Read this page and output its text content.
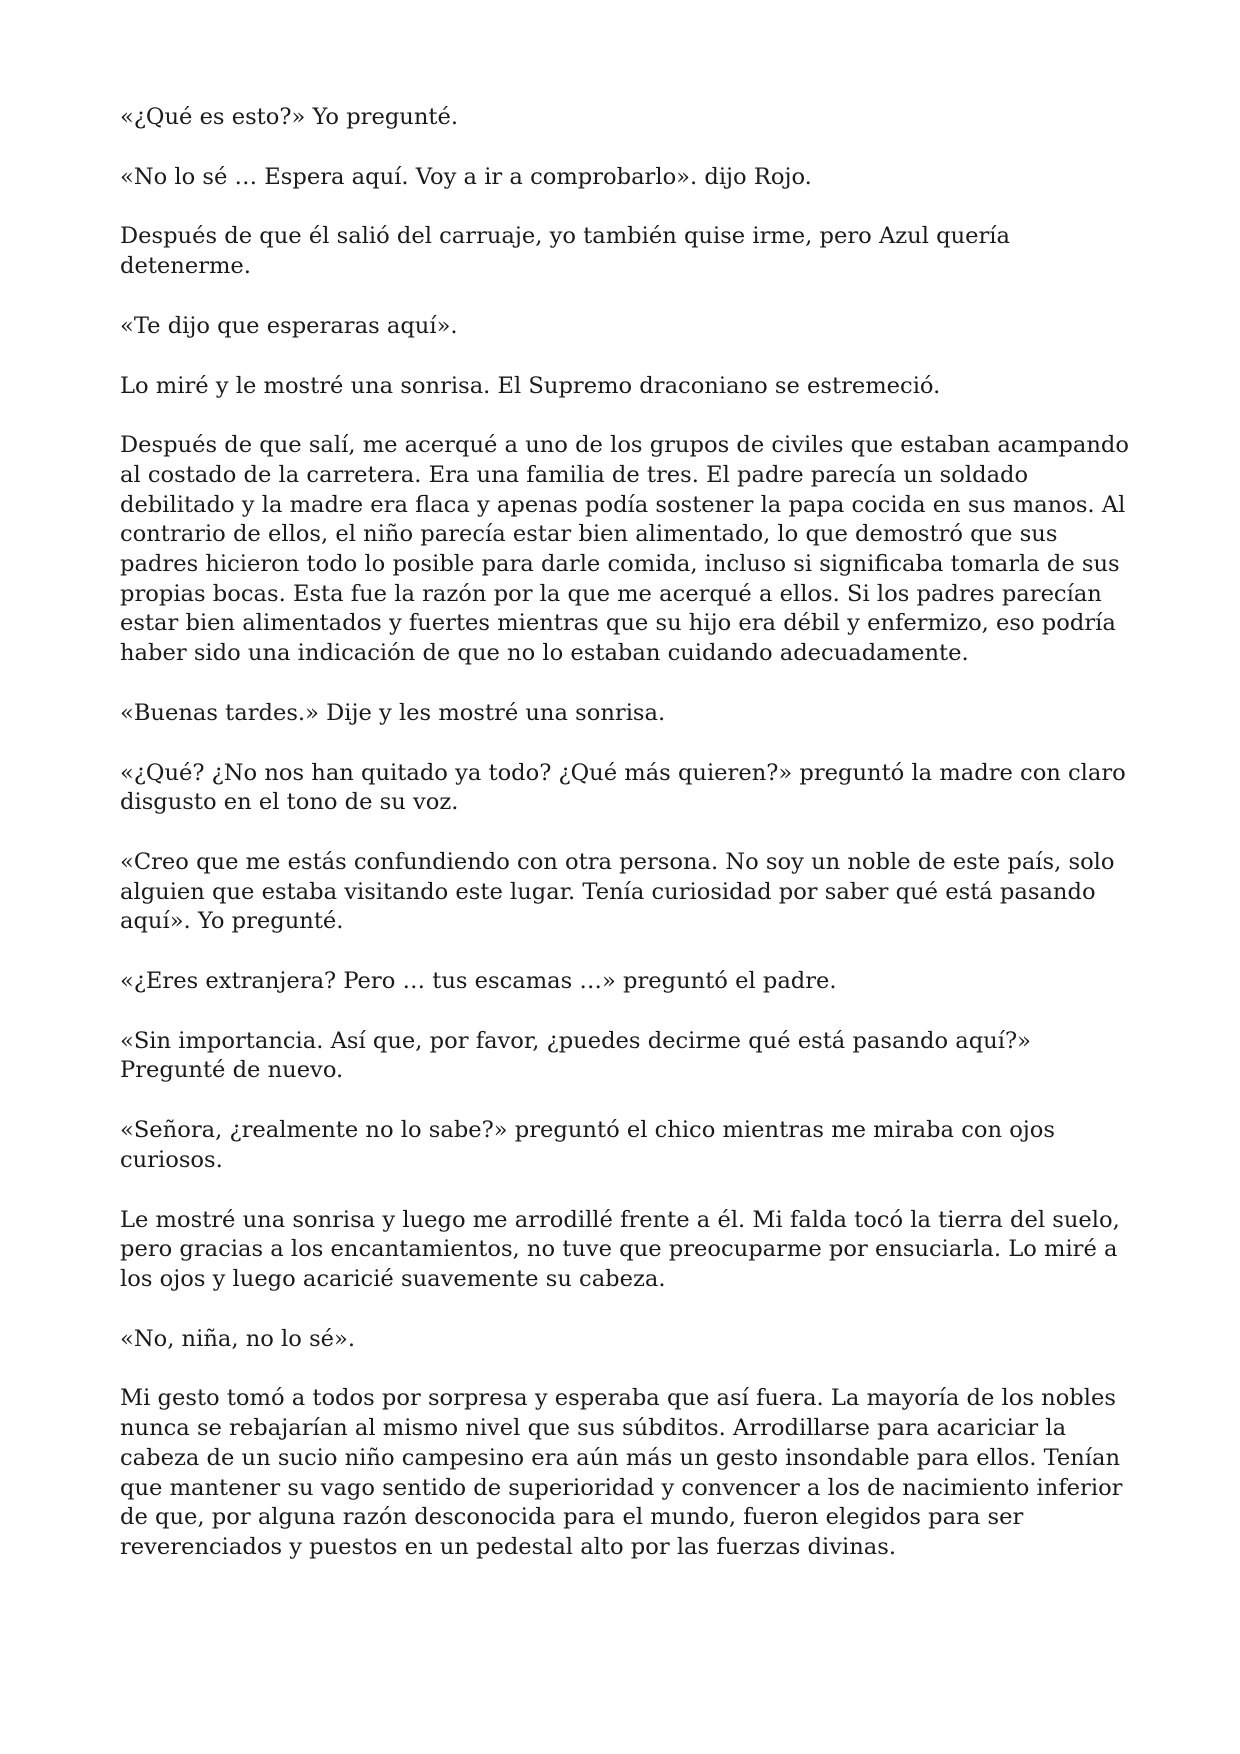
«¿Qué es esto?» Yo pregunté.

«No lo sé … Espera aquí. Voy a ir a comprobarlo». dijo Rojo.

Después de que él salió del carruaje, yo también quise irme, pero Azul quería detenerme.

«Te dijo que esperaras aquí».

Lo miré y le mostré una sonrisa. El Supremo draconiano se estremeció.

Después de que salí, me acerqué a uno de los grupos de civiles que estaban acampando al costado de la carretera. Era una familia de tres. El padre parecía un soldado debilitado y la madre era flaca y apenas podía sostener la papa cocida en sus manos. Al contrario de ellos, el niño parecía estar bien alimentado, lo que demostró que sus padres hicieron todo lo posible para darle comida, incluso si significaba tomarla de sus propias bocas. Esta fue la razón por la que me acerqué a ellos. Si los padres parecían estar bien alimentados y fuertes mientras que su hijo era débil y enfermizo, eso podría haber sido una indicación de que no lo estaban cuidando adecuadamente.

«Buenas tardes.» Dije y les mostré una sonrisa.

«¿Qué? ¿No nos han quitado ya todo? ¿Qué más quieren?» preguntó la madre con claro disgusto en el tono de su voz.

«Creo que me estás confundiendo con otra persona. No soy un noble de este país, solo alguien que estaba visitando este lugar. Tenía curiosidad por saber qué está pasando aquí». Yo pregunté.

«¿Eres extranjera? Pero … tus escamas …» preguntó el padre.

«Sin importancia. Así que, por favor, ¿puedes decirme qué está pasando aquí?» Pregunté de nuevo.

«Señora, ¿realmente no lo sabe?» preguntó el chico mientras me miraba con ojos curiosos.

Le mostré una sonrisa y luego me arrodillé frente a él. Mi falda tocó la tierra del suelo, pero gracias a los encantamientos, no tuve que preocuparme por ensuciarla. Lo miré a los ojos y luego acaricié suavemente su cabeza.

«No, niña, no lo sé».

Mi gesto tomó a todos por sorpresa y esperaba que así fuera. La mayoría de los nobles nunca se rebajarían al mismo nivel que sus súbditos. Arrodillarse para acariciar la cabeza de un sucio niño campesino era aún más un gesto insondable para ellos. Tenían que mantener su vago sentido de superioridad y convencer a los de nacimiento inferior de que, por alguna razón desconocida para el mundo, fueron elegidos para ser reverenciados y puestos en un pedestal alto por las fuerzas divinas.
